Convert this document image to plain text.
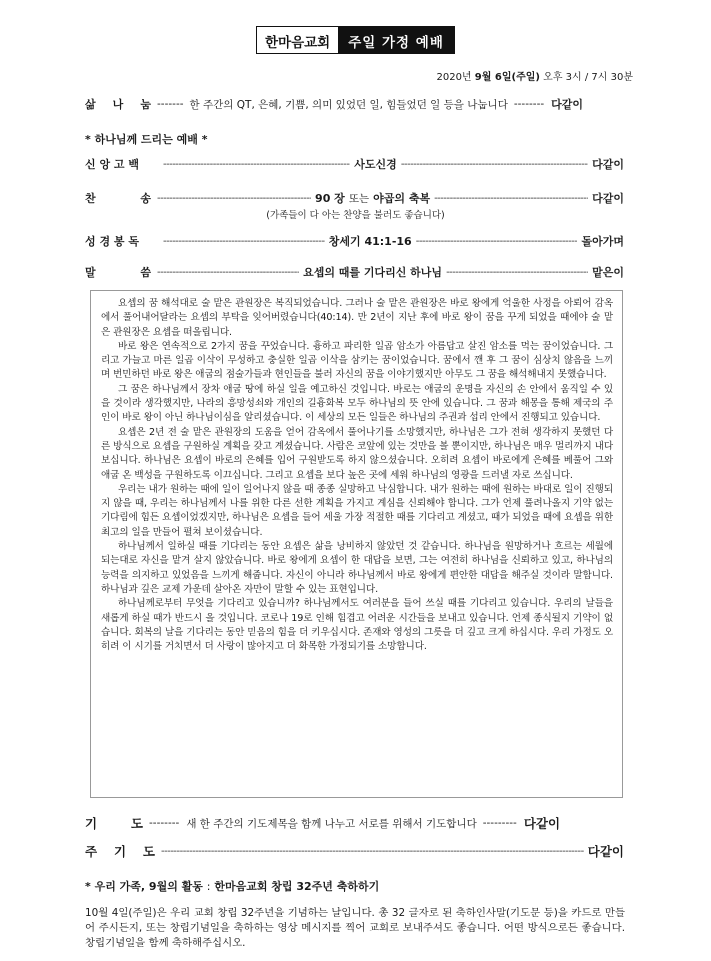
한마음교회	주일 가정 예배
2020년 9월 6일(주일) 오후 3시 / 7시 30분
삶 나 눔 ------- 한 주간의 QT, 은혜, 기쁨, 의미 있었던 일, 힘들었던 일 등을 나눕니다 -------- 다같이
* 하나님께 드리는 예배 *
신 앙 고 백 -----	사도신경 -----	다같이
찬	송 -----	90 장 또는 야곱의 축복 -----	다같이
(가족들이 다 아는 찬양을 불러도 좋습니다)
성 경 봉 독 -----	창세기 41:1-16 -----	돌아가며
말	씀 -----	요셉의 때를 기다리신 하나님 -----	맡은이

요셉의 꿈 해석대로 술 맡은 관원장은 복직되었습니다. 그러나 술 맡은 관원장은 바로 왕에게 억울한 사정을 아뢰어 감옥에서 풀어내어달라는 요셉의 부탁을 잊어버렸습니다(40:14). 만 2년이 지난 후에 바로 왕이 꿈을 꾸게 되었을 때에야 술 맡은 관원장은 요셉을 떠올립니다.

바로 왕은 연속적으로 2가지 꿈을 꾸었습니다. 흉하고 파리한 일곱 암소가 아름답고 살진 암소를 먹는 꿈이었습니다. 그리고 가늘고 마른 일곱 이삭이 무성하고 충실한 일곱 이삭을 삼키는 꿈이었습니다. 꿈에서 깬 후 그 꿈이 심상치 않음을 느끼며 번민하던 바로 왕은 애굽의 점술가들과 현인들을 불러 자신의 꿈을 이야기했지만 아무도 그 꿈을 해석해내지 못했습니다.

그 꿈은 하나님께서 장차 애굽 땅에 하실 일을 예고하신 것입니다. 바로는 애굽의 운명을 자신의 손 안에서 움직일 수 있을 것이라 생각했지만, 나라의 흥망성쇠와 개인의 길흉화복 모두 하나님의 뜻 안에 있습니다. 그 꿈과 해몽을 통해 제국의 주인이 바로 왕이 아닌 하나님이심을 알리셨습니다. 이 세상의 모든 일들은 하나님의 주권과 섭리 안에서 진행되고 있습니다.

요셉은 2년 전 술 맡은 관원장의 도움을 얻어 감옥에서 풀어나기를 소망했지만, 하나님은 그가 전혀 생각하지 못했던 다른 방식으로 요셉을 구원하실 계획을 갖고 계셨습니다. 사람은 코앞에 있는 것만을 볼 뿐이지만, 하나님은 매우 멀리까지 내다보십니다. 하나님은 요셉이 바로의 은혜를 입어 구원받도록 하지 않으셨습니다. 오히려 요셉이 바로에게 은혜를 베풀어 그와 애굽 온 백성을 구원하도록 이끄십니다. 그리고 요셉을 보다 높은 곳에 세워 하나님의 영광을 드러낼 자로 쓰십니다.

우리는 내가 원하는 때에 일이 일어나지 않을 때 종종 실망하고 낙심합니다. 내가 원하는 때에 원하는 바대로 일이 진행되지 않을 때, 우리는 하나님께서 나를 위한 다른 선한 계획을 가지고 계심을 신뢰해야 합니다. 그가 언제 풀려나올지 기약 없는 기다림에 힘든 요셉이었겠지만, 하나님은 요셉을 들어 세울 가장 적절한 때를 기다리고 계셨고, 때가 되었을 때에 요셉을 위한 최고의 일을 만들어 펼쳐 보이셨습니다.

하나님께서 일하실 때를 기다리는 동안 요셉은 삶을 낭비하지 않았던 것 같습니다. 하나님을 원망하거나 흐르는 세월에 되는대로 자신을 맡겨 살지 않았습니다. 바로 왕에게 요셉이 한 대답을 보면, 그는 여전히 하나님을 신뢰하고 있고, 하나님의 능력을 의지하고 있었음을 느끼게 해줍니다. 자신이 아니라 하나님께서 바로 왕에게 편안한 대답을 해주실 것이라 말합니다. 하나님과 깊은 교제 가운데 살아온 자만이 말할 수 있는 표현입니다.

하나님께로부터 무엇을 기다리고 있습니까? 하나님께서도 여러분을 들어 쓰실 때를 기다리고 있습니다. 우리의 날들을 새롭게 하실 때가 반드시 올 것입니다. 코로나 19로 인해 힘겹고 어려운 시간들을 보내고 있습니다. 언제 종식될지 기약이 없습니다. 회복의 날을 기다리는 동안 믿음의 힘을 더 키우십시다. 존재와 영성의 그릇을 더 깊고 크게 하십시다. 우리 가정도 오히려 이 시기를 거치면서 더 사랑이 많아지고 더 화목한 가정되기를 소망합니다.

기	도 -------- 새 한 주간의 기도제목을 함께 나누고 서로를 위해서 기도합니다 --------- 다같이
주 기 도 -----	다같이
* 우리 가족, 9월의 활동 : 한마음교회 창립 32주년 축하하기
10월 4일(주일)은 우리 교회 창립 32주년을 기념하는 날입니다. 총 32 글자로 된 축하인사말(기도문 등)을 카드로 만들어 주시든지, 또는 창립기념일을 축하하는 영상 메시지를 찍어 교회로 보내주셔도 좋습니다. 어떤 방식으로든 좋습니다. 창립기념일을 함께 축하해주십시오.
